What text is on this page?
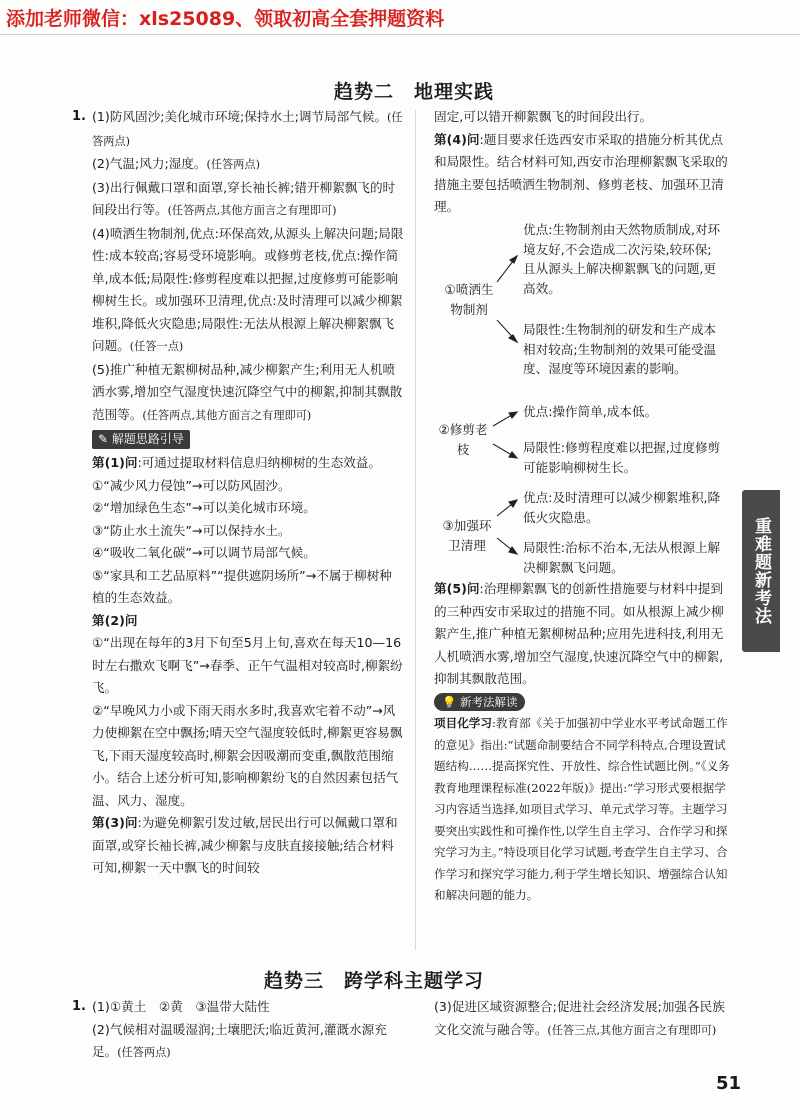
添加老师微信：xls25089、领取初高全套押题资料
趋势二　地理实践
1. (1)防风固沙;美化城市环境;保持水土;调节局部气候。(任答两点)

(2)气温;风力;湿度。(任答两点)

(3)出行佩戴口罩和面罩,穿长袖长裤;错开柳絮飘飞的时间段出行等。(任答两点,其他方面言之有理即可)

(4)喷洒生物制剂,优点:环保高效,从源头上解决问题;局限性:成本较高;容易受环境影响。或修剪老枝,优点:操作简单,成本低;局限性:修剪程度难以把握,过度修剪可能影响柳树生长。或加强环卫清理,优点:及时清理可以减少柳絮堆积,降低火灾隐患;局限性:无法从根源上解决柳絮飘飞问题。(任答一点)

(5)推广种植无絮柳树品种,减少柳絮产生;利用无人机喷洒水雾,增加空气湿度快速沉降空气中的柳絮,抑制其飘散范围等。(任答两点,其他方面言之有理即可)

✎ 解题思路引导

第(1)问:可通过提取材料信息归纳柳树的生态效益。

①“减少风力侵蚀”→可以防风固沙。

②“增加绿色生态”→可以美化城市环境。

③“防止水土流失”→可以保持水土。

④“吸收二氧化碳”→可以调节局部气候。

⑤“家具和工艺品原料”“提供遮阴场所”→不属于柳树种植的生态效益。

第(2)问

①“出现在每年的3月下旬至5月上旬,喜欢在每天10—16时左右撒欢飞啊飞”→春季、正午气温相对较高时,柳絮纷飞。

②“早晚风力小或下雨天雨水多时,我喜欢宅着不动”→风力使柳絮在空中飘扬;晴天空气湿度较低时,柳絮更容易飘飞,下雨天湿度较高时,柳絮会因吸潮而变重,飘散范围缩小。结合上述分析可知,影响柳絮纷飞的自然因素包括气温、风力、湿度。

第(3)问:为避免柳絮引发过敏,居民出行可以佩戴口罩和面罩,或穿长袖长裤,减少柳絮与皮肤直接接触;结合材料可知,柳絮一天中飘飞的时间较

固定,可以错开柳絮飘飞的时间段出行。

第(4)问:题目要求任选西安市采取的措施分析其优点和局限性。结合材料可知,西安市治理柳絮飘飞采取的措施主要包括喷洒生物制剂、修剪老枝、加强环卫清理。

①喷洒生物制剂
优点:生物制剂由天然物质制成,对环境友好,不会造成二次污染,较环保;且从源头上解决柳絮飘飞的问题,更高效。
局限性:生物制剂的研发和生产成本相对较高;生物制剂的效果可能受温度、湿度等环境因素的影响。
②修剪老枝
优点:操作简单,成本低。
局限性:修剪程度难以把握,过度修剪可能影响柳树生长。
③加强环卫清理
优点:及时清理可以减少柳絮堆积,降低火灾隐患。
局限性:治标不治本,无法从根源上解决柳絮飘飞问题。

第(5)问:治理柳絮飘飞的创新性措施要与材料中提到的三种西安市采取过的措施不同。如从根源上减少柳絮产生,推广种植无絮柳树品种;应用先进科技,利用无人机喷洒水雾,增加空气湿度,快速沉降空气中的柳絮,抑制其飘散范围。

💡 新考法解读

项目化学习:教育部《关于加强初中学业水平考试命题工作的意见》指出:“试题命制要结合不同学科特点,合理设置试题结构……提高探究性、开放性、综合性试题比例。”《义务教育地理课程标准(2022年版)》提出:“学习形式要根据学习内容适当选择,如项目式学习、单元式学习等。主题学习要突出实践性和可操作性,以学生自主学习、合作学习和探究学习为主。”特设项目化学习试题,考查学生自主学习、合作学习和探究学习能力,利于学生增长知识、增强综合认知和解决问题的能力。

重难题新考法
趋势三　跨学科主题学习
1. (1)①黄土　②黄　③温带大陆性

(2)气候相对温暖湿润;土壤肥沃;临近黄河,灌溉水源充足。(任答两点)

(3)促进区域资源整合;促进社会经济发展;加强各民族文化交流与融合等。(任答三点,其他方面言之有理即可)

51
